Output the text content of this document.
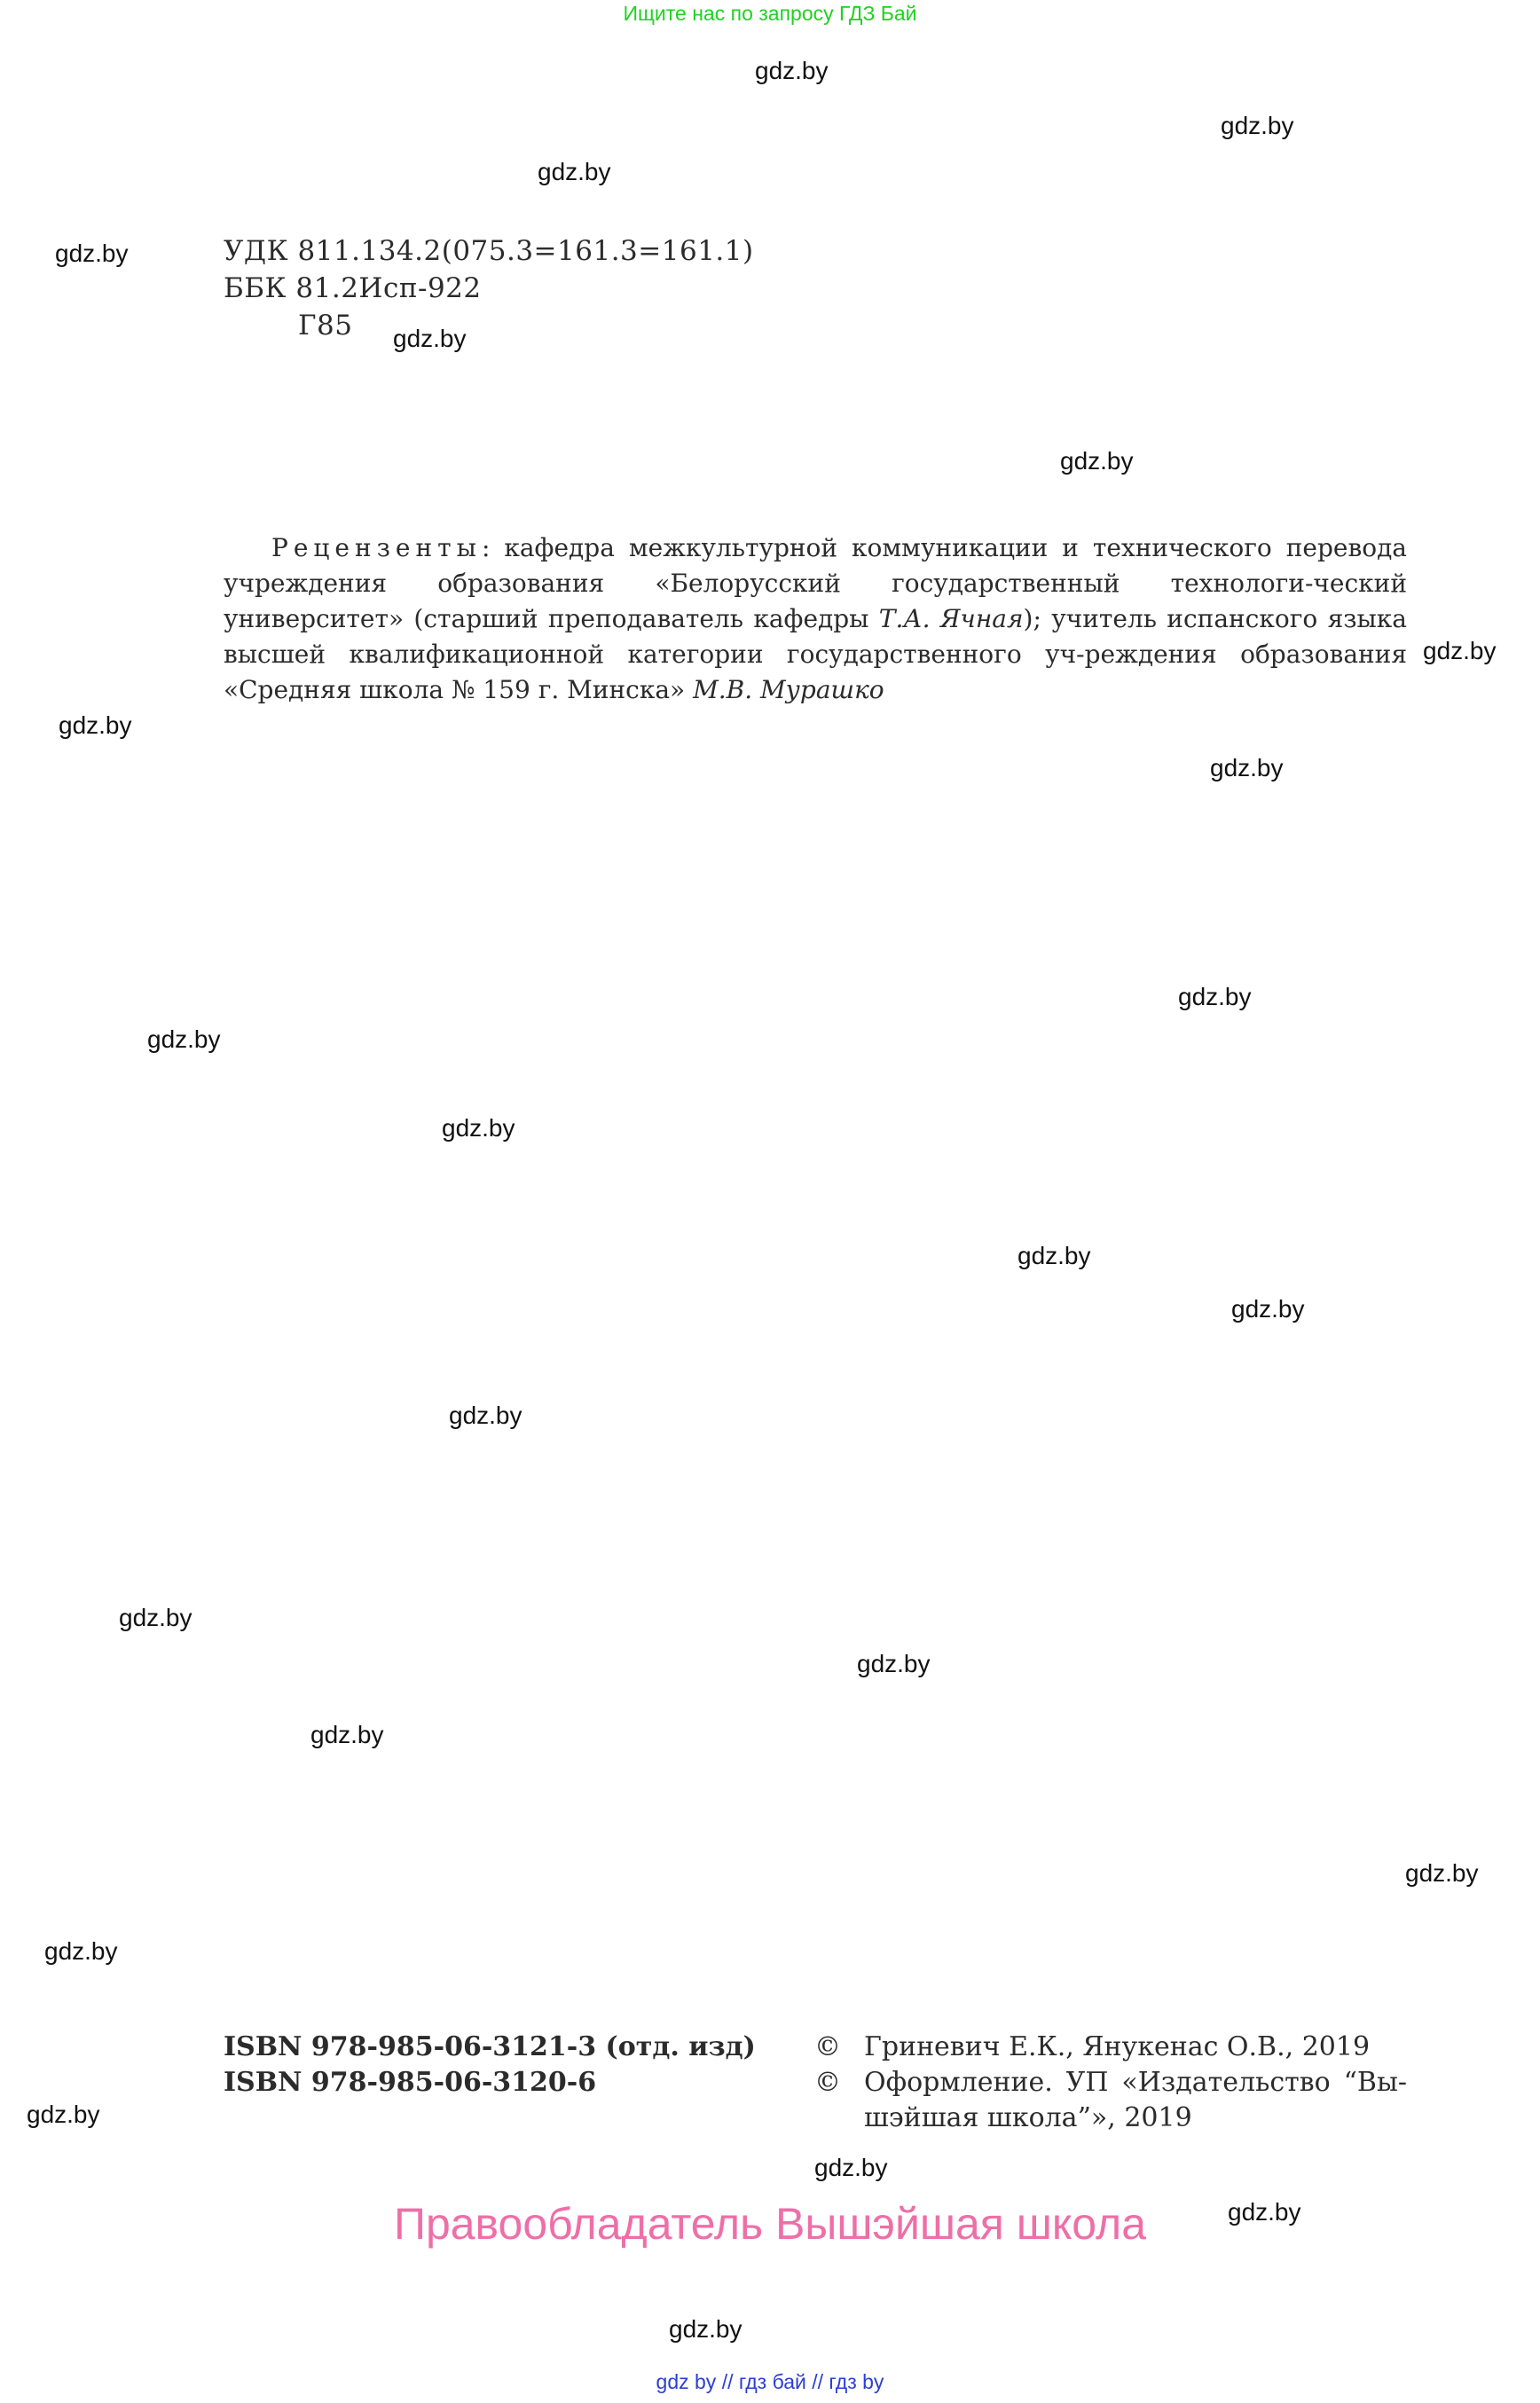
Ищите нас по запросу ГДЗ Бай
gdz.by
gdz.by
gdz.by
gdz.by
gdz.by
gdz.by
gdz.by
gdz.by
gdz.by
gdz.by
gdz.by
gdz.by
gdz.by
gdz.by
gdz.by
gdz.by
gdz.by
gdz.by
gdz.by
gdz.by
gdz.by
gdz.by
gdz.by
gdz.by
УДК 811.134.2(075.3=161.3=161.1)
ББК 81.2Исп-922
Г85
Рецензенты: кафедра межкультурной коммуникации и технического перевода учреждения образования «Белорусский государственный технологи-ческий университет» (старший преподаватель кафедры Т.А. Ячная); учитель испанского языка высшей квалификационной категории государственного уч-реждения образования «Средняя школа № 159 г. Минска» М.В. Мурашко
ISBN 978-985-06-3121-3 (отд. изд)
ISBN 978-985-06-3120-6
© Гриневич Е.К., Янукенас О.В., 2019
© Оформление. УП «Издательство “Вы-шэйшая школа”», 2019
Правообладатель Вышэйшая школа
gdz by // гдз бай // гдз by
